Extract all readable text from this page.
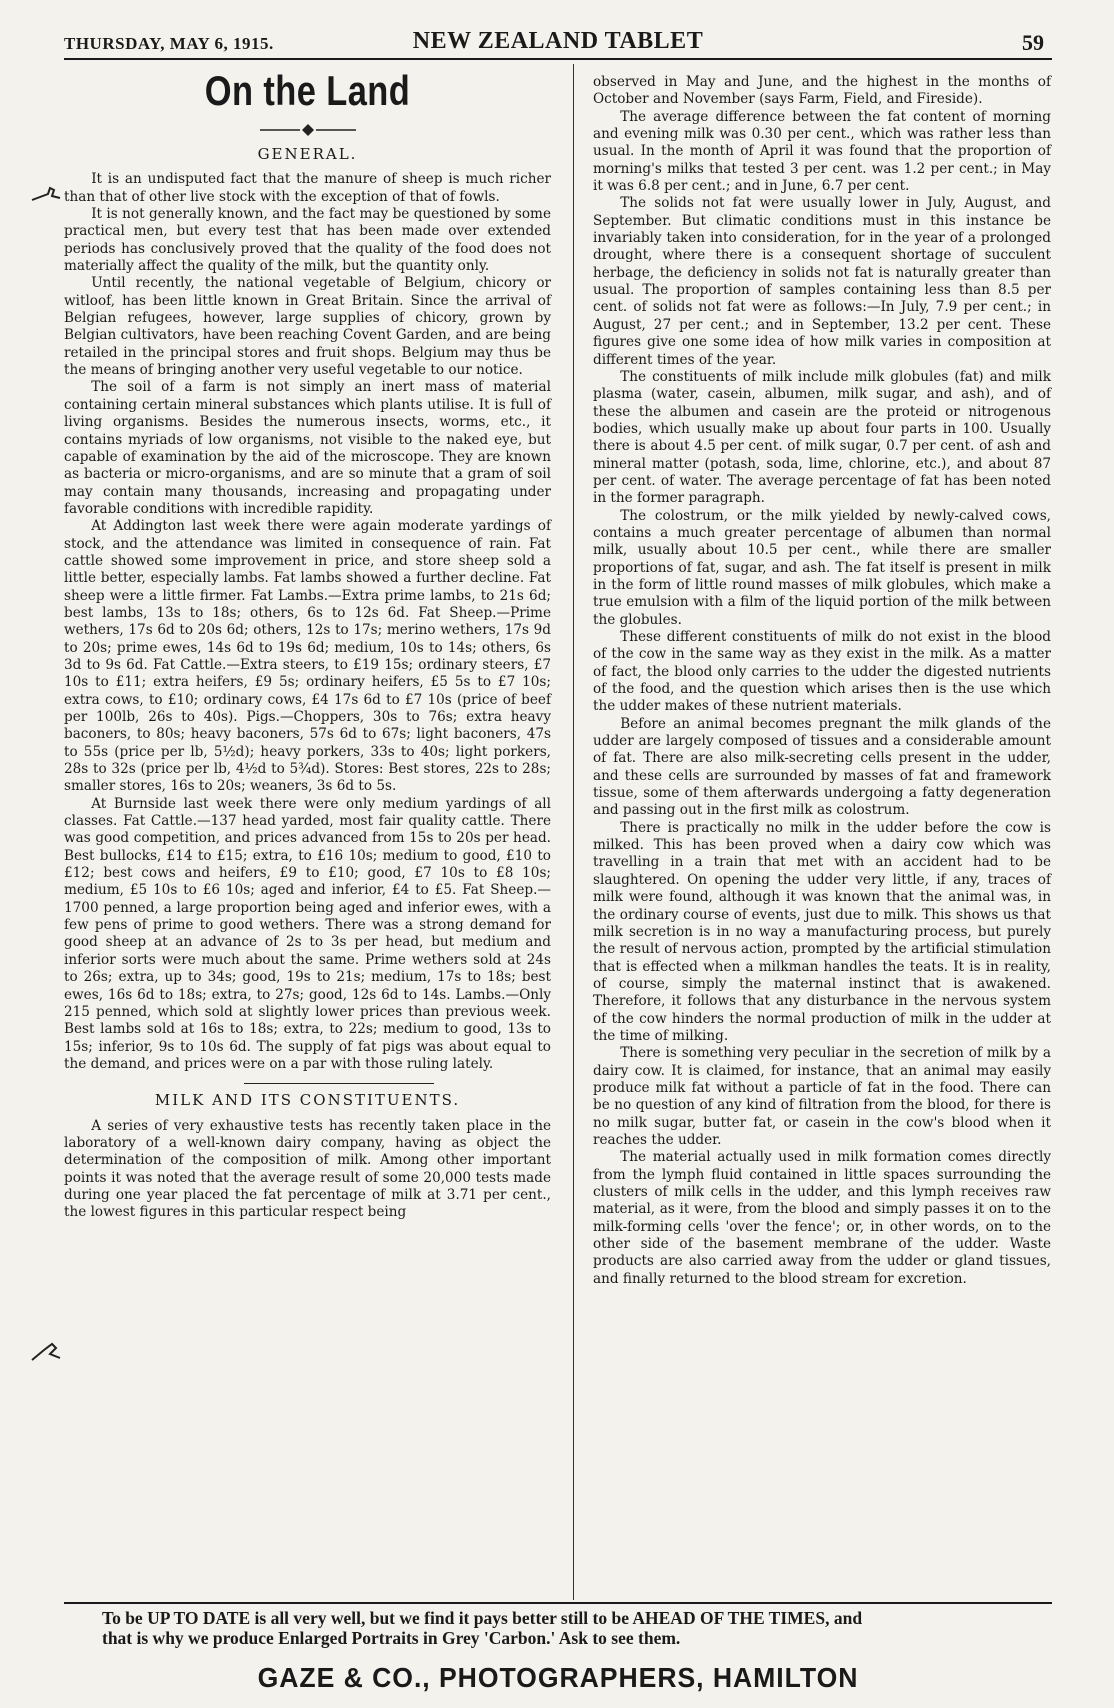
THURSDAY, MAY 6, 1915.	NEW ZEALAND TABLET	59
On the Land
GENERAL.

It is an undisputed fact that the manure of sheep is much richer than that of other live stock with the exception of that of fowls.

It is not generally known, and the fact may be questioned by some practical men, but every test that has been made over extended periods has conclusively proved that the quality of the food does not materially affect the quality of the milk, but the quantity only.

Until recently, the national vegetable of Belgium, chicory or witloof, has been little known in Great Britain. Since the arrival of Belgian refugees, however, large supplies of chicory, grown by Belgian cultivators, have been reaching Covent Garden, and are being retailed in the principal stores and fruit shops. Belgium may thus be the means of bringing another very useful vegetable to our notice.

The soil of a farm is not simply an inert mass of material containing certain mineral substances which plants utilise. It is full of living organisms. Besides the numerous insects, worms, etc., it contains myriads of low organisms, not visible to the naked eye, but capable of examination by the aid of the microscope. They are known as bacteria or micro-organisms, and are so minute that a gram of soil may contain many thousands, increasing and propagating under favorable conditions with incredible rapidity.

At Addington last week there were again moderate yardings of stock, and the attendance was limited in consequence of rain. Fat cattle showed some improvement in price, and store sheep sold a little better, especially lambs. Fat lambs showed a further decline. Fat sheep were a little firmer. Fat Lambs.—Extra prime lambs, to 21s 6d; best lambs, 13s to 18s; others, 6s to 12s 6d. Fat Sheep.—Prime wethers, 17s 6d to 20s 6d; others, 12s to 17s; merino wethers, 17s 9d to 20s; prime ewes, 14s 6d to 19s 6d; medium, 10s to 14s; others, 6s 3d to 9s 6d. Fat Cattle.—Extra steers, to £19 15s; ordinary steers, £7 10s to £11; extra heifers, £9 5s; ordinary heifers, £5 5s to £7 10s; extra cows, to £10; ordinary cows, £4 17s 6d to £7 10s (price of beef per 100lb, 26s to 40s). Pigs.—Choppers, 30s to 76s; extra heavy baconers, to 80s; heavy baconers, 57s 6d to 67s; light baconers, 47s to 55s (price per lb, 5½d); heavy porkers, 33s to 40s; light porkers, 28s to 32s (price per lb, 4½d to 5¾d). Stores: Best stores, 22s to 28s; smaller stores, 16s to 20s; weaners, 3s 6d to 5s.

At Burnside last week there were only medium yardings of all classes. Fat Cattle.—137 head yarded, most fair quality cattle. There was good competition, and prices advanced from 15s to 20s per head. Best bullocks, £14 to £15; extra, to £16 10s; medium to good, £10 to £12; best cows and heifers, £9 to £10; good, £7 10s to £8 10s; medium, £5 10s to £6 10s; aged and inferior, £4 to £5. Fat Sheep.—1700 penned, a large proportion being aged and inferior ewes, with a few pens of prime to good wethers. There was a strong demand for good sheep at an advance of 2s to 3s per head, but medium and inferior sorts were much about the same. Prime wethers sold at 24s to 26s; extra, up to 34s; good, 19s to 21s; medium, 17s to 18s; best ewes, 16s 6d to 18s; extra, to 27s; good, 12s 6d to 14s. Lambs.—Only 215 penned, which sold at slightly lower prices than previous week. Best lambs sold at 16s to 18s; extra, to 22s; medium to good, 13s to 15s; inferior, 9s to 10s 6d. The supply of fat pigs was about equal to the demand, and prices were on a par with those ruling lately.

MILK AND ITS CONSTITUENTS.

A series of very exhaustive tests has recently taken place in the laboratory of a well-known dairy company, having as object the determination of the composition of milk. Among other important points it was noted that the average result of some 20,000 tests made during one year placed the fat percentage of milk at 3.71 per cent., the lowest figures in this particular respect being

observed in May and June, and the highest in the months of October and November (says Farm, Field, and Fireside).

The average difference between the fat content of morning and evening milk was 0.30 per cent., which was rather less than usual. In the month of April it was found that the proportion of morning's milks that tested 3 per cent. was 1.2 per cent.; in May it was 6.8 per cent.; and in June, 6.7 per cent.

The solids not fat were usually lower in July, August, and September. But climatic conditions must in this instance be invariably taken into consideration, for in the year of a prolonged drought, where there is a consequent shortage of succulent herbage, the deficiency in solids not fat is naturally greater than usual. The proportion of samples containing less than 8.5 per cent. of solids not fat were as follows:—In July, 7.9 per cent.; in August, 27 per cent.; and in September, 13.2 per cent. These figures give one some idea of how milk varies in composition at different times of the year.

The constituents of milk include milk globules (fat) and milk plasma (water, casein, albumen, milk sugar, and ash), and of these the albumen and casein are the proteid or nitrogenous bodies, which usually make up about four parts in 100. Usually there is about 4.5 per cent. of milk sugar, 0.7 per cent. of ash and mineral matter (potash, soda, lime, chlorine, etc.), and about 87 per cent. of water. The average percentage of fat has been noted in the former paragraph.

The colostrum, or the milk yielded by newly-calved cows, contains a much greater percentage of albumen than normal milk, usually about 10.5 per cent., while there are smaller proportions of fat, sugar, and ash. The fat itself is present in milk in the form of little round masses of milk globules, which make a true emulsion with a film of the liquid portion of the milk between the globules.

These different constituents of milk do not exist in the blood of the cow in the same way as they exist in the milk. As a matter of fact, the blood only carries to the udder the digested nutrients of the food, and the question which arises then is the use which the udder makes of these nutrient materials.

Before an animal becomes pregnant the milk glands of the udder are largely composed of tissues and a considerable amount of fat. There are also milk-secreting cells present in the udder, and these cells are surrounded by masses of fat and framework tissue, some of them afterwards undergoing a fatty degeneration and passing out in the first milk as colostrum.

There is practically no milk in the udder before the cow is milked. This has been proved when a dairy cow which was travelling in a train that met with an accident had to be slaughtered. On opening the udder very little, if any, traces of milk were found, although it was known that the animal was, in the ordinary course of events, just due to milk. This shows us that milk secretion is in no way a manufacturing process, but purely the result of nervous action, prompted by the artificial stimulation that is effected when a milkman handles the teats. It is in reality, of course, simply the maternal instinct that is awakened. Therefore, it follows that any disturbance in the nervous system of the cow hinders the normal production of milk in the udder at the time of milking.

There is something very peculiar in the secretion of milk by a dairy cow. It is claimed, for instance, that an animal may easily produce milk fat without a particle of fat in the food. There can be no question of any kind of filtration from the blood, for there is no milk sugar, butter fat, or casein in the cow's blood when it reaches the udder.

The material actually used in milk formation comes directly from the lymph fluid contained in little spaces surrounding the clusters of milk cells in the udder, and this lymph receives raw material, as it were, from the blood and simply passes it on to the milk-forming cells 'over the fence'; or, in other words, on to the other side of the basement membrane of the udder. Waste products are also carried away from the udder or gland tissues, and finally returned to the blood stream for excretion.

To be UP TO DATE is all very well, but we find it pays better still to be AHEAD OF THE TIMES, and
that is why we produce Enlarged Portraits in Grey 'Carbon.' Ask to see them.
GAZE & CO., PHOTOGRAPHERS, HAMILTON
